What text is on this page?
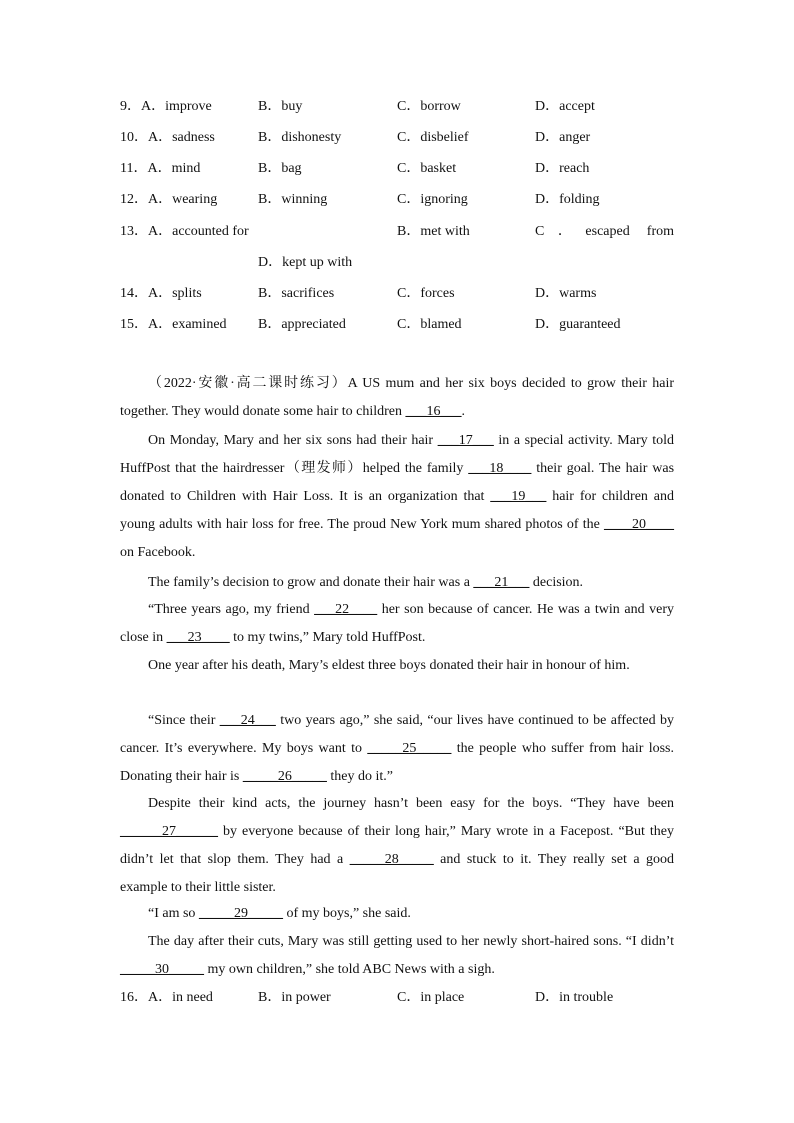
9．A．improve	B．buy	C．borrow	D．accept
10．A．sadness	B．dishonesty	C．disbelief	D．anger
11．A．mind	B．bag	C．basket	D．reach
12．A．wearing	B．winning	C．ignoring	D．folding
13．A．accounted for	B．met with	C．escaped from
D．kept up with
14．A．splits	B．sacrifices	C．forces	D．warms
15．A．examined B．appreciated	C．blamed	D．guaranteed

（2022·安徽·高二课时练习）A US mum and her six boys decided to grow their hair together. They would donate some hair to children ___16___.

On Monday, Mary and her six sons had their hair ___17___ in a special activity. Mary told HuffPost that the hairdresser（理发师）helped the family ___18____ their goal. The hair was donated to Children with Hair Loss. It is an organization that ___19___ hair for children and young adults with hair loss for free. The proud New York mum shared photos of the ____20____ on Facebook.

The family’s decision to grow and donate their hair was a ___21___ decision.

“Three years ago, my friend ___22____ her son because of cancer. He was a twin and very close in ___23____ to my twins,” Mary told HuffPost.

One year after his death, Mary’s eldest three boys donated their hair in honour of him.

“Since their ___24___ two years ago,” she said, “our lives have continued to be affected by cancer. It’s everywhere. My boys want to _____25_____ the people who suffer from hair loss. Donating their hair is _____26_____ they do it.”

Despite their kind acts, the journey hasn’t been easy for the boys. “They have been ______27______ by everyone because of their long hair,” Mary wrote in a Facepost. “But they didn’t let that slop them. They had a _____28_____ and stuck to it. They really set a good example to their little sister.

“I am so _____29_____ of my boys,” she said.

The day after their cuts, Mary was still getting used to her newly short-haired sons. “I didn’t _____30_____ my own children,” she told ABC News with a sigh.

16．A．in need	B．in power	C．in place	D．in trouble
